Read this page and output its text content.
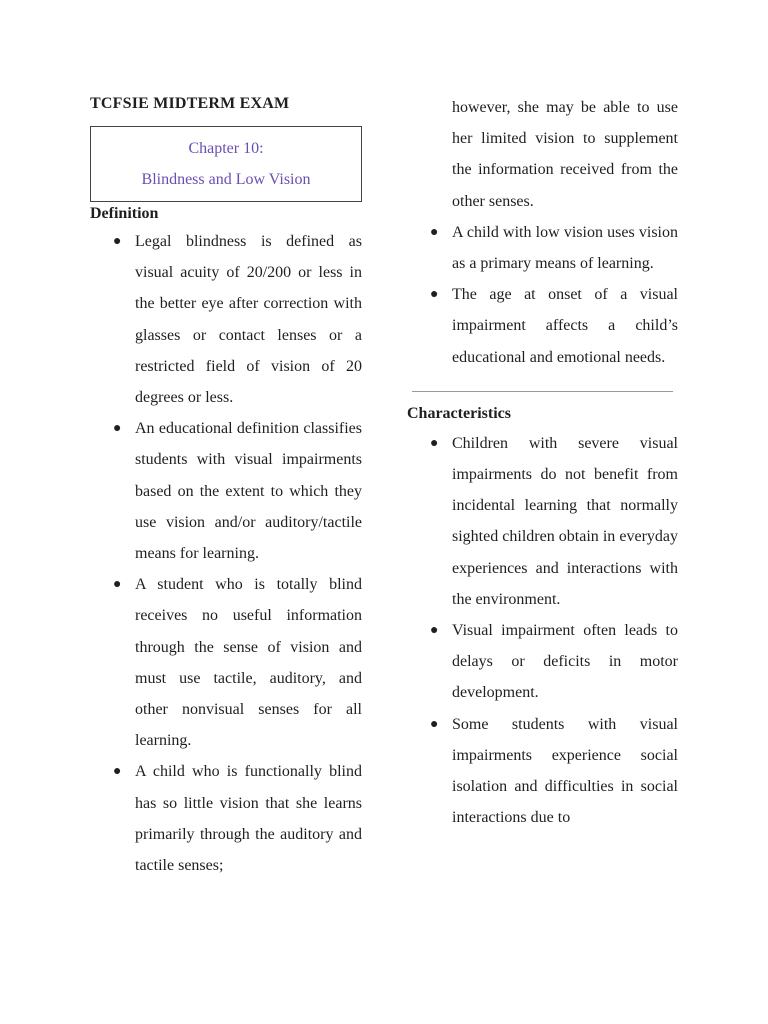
TCFSIE MIDTERM EXAM
Chapter 10:
Blindness and Low Vision
Definition
● Legal blindness is defined as visual acuity of 20/200 or less in the better eye after correction with glasses or contact lenses or a restricted field of vision of 20 degrees or less.
● An educational definition classifies students with visual impairments based on the extent to which they use vision and/or auditory/tactile means for learning.
● A student who is totally blind receives no useful information through the sense of vision and must use tactile, auditory, and other nonvisual senses for all learning.
● A child who is functionally blind has so little vision that she learns primarily through the auditory and tactile senses;
however, she may be able to use her limited vision to supplement the information received from the other senses.
● A child with low vision uses vision as a primary means of learning.
● The age at onset of a visual impairment affects a child’s educational and emotional needs.
Characteristics
● Children with severe visual impairments do not benefit from incidental learning that normally sighted children obtain in everyday experiences and interactions with the environment.
● Visual impairment often leads to delays or deficits in motor development.
● Some students with visual impairments experience social isolation and difficulties in social interactions due to
